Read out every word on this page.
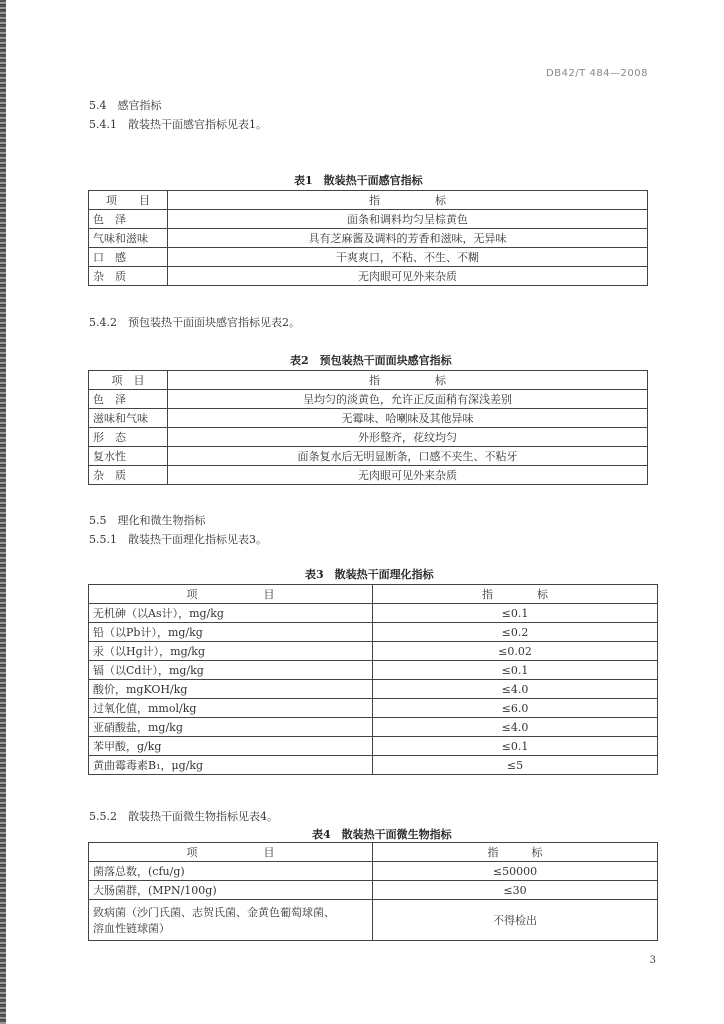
DB42/T 484—2008
5.4　感官指标
5.4.1　散装热干面感官指标见表1。
表1　散装热干面感官指标
项　　目	指　　　　　标
色　泽	面条和调料均匀呈棕黄色
气味和滋味	具有芝麻酱及调料的芳香和滋味，无异味
口　感	干爽爽口，不粘、不生、不糊
杂　质	无肉眼可见外来杂质
5.4.2　预包装热干面面块感官指标见表2。
表2　预包装热干面面块感官指标
项　目	指　　　　　标
色　泽	呈均匀的淡黄色，允许正反面稍有深浅差别
滋味和气味	无霉味、哈喇味及其他异味
形　态	外形整齐，花纹均匀
复水性	面条复水后无明显断条，口感不夹生、不粘牙
杂　质	无肉眼可见外来杂质
5.5　理化和微生物指标
5.5.1　散装热干面理化指标见表3。
表3　散装热干面理化指标
项　　　　　　目	指　　　　标
无机砷（以As计），mg/kg	≤0.1
铅（以Pb计），mg/kg	≤0.2
汞（以Hg计），mg/kg	≤0.02
镉（以Cd计），mg/kg	≤0.1
酸价，mgKOH/kg	≤4.0
过氧化值，mmol/kg	≤6.0
亚硝酸盐，mg/kg	≤4.0
苯甲酸，g/kg	≤0.1
黄曲霉毒素B₁，μg/kg	≤5
5.5.2　散装热干面微生物指标见表4。
表4　散装热干面微生物指标
项　　　　　　目	指　　　标
菌落总数，(cfu/g)	≤50000
大肠菌群，(MPN/100g)	≤30

致病菌（沙门氏菌、志贺氏菌、金黄色葡萄球菌、
溶血性链球菌）	不得检出
3
